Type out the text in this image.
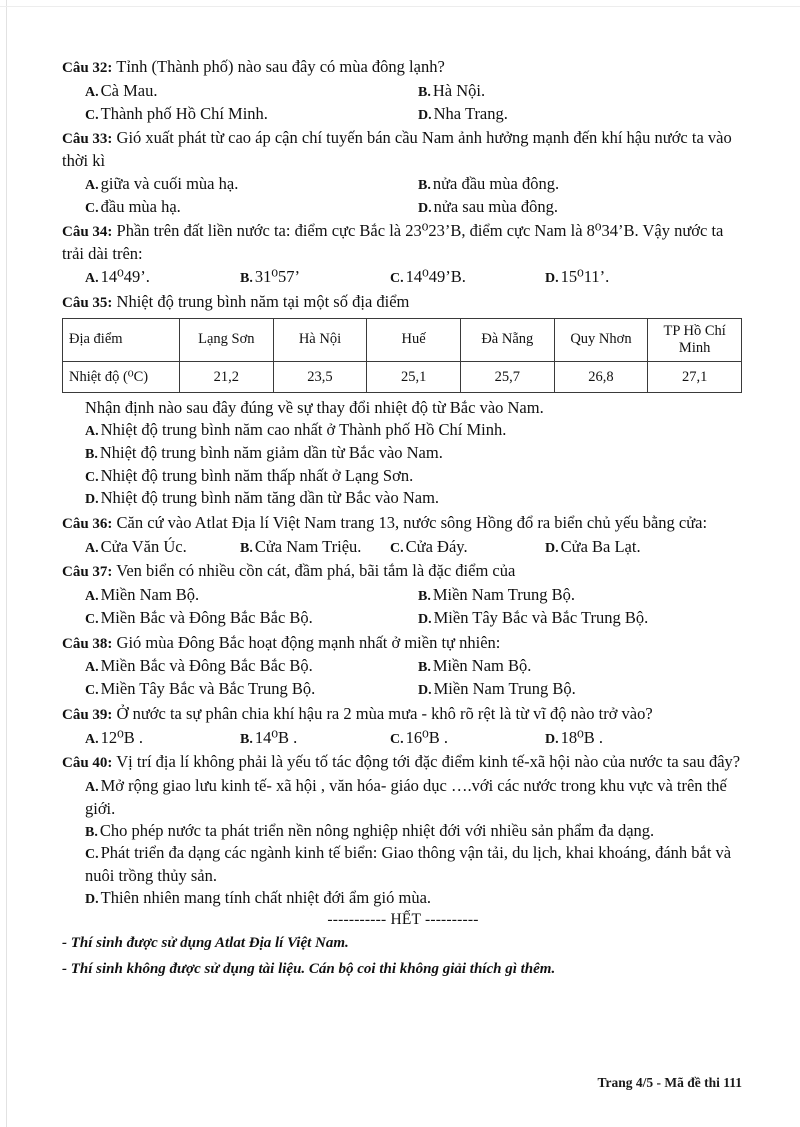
Câu 32: Tỉnh (Thành phố) nào sau đây có mùa đông lạnh?

A. Cà Mau.	B. Hà Nội.
C. Thành phố Hồ Chí Minh.	D. Nha Trang.

Câu 33: Gió xuất phát từ cao áp cận chí tuyến bán cầu Nam ảnh hưởng mạnh đến khí hậu nước ta vào thời kì

A. giữa và cuối mùa hạ.	B. nửa đầu mùa đông.
C. đầu mùa hạ.	D. nửa sau mùa đông.

Câu 34: Phần trên đất liền nước ta: điểm cực Bắc là 23⁰23’B, điểm cực Nam là 8⁰34’B. Vậy nước ta trải dài trên:

A. 14⁰49’.	B. 31⁰57’	C. 14⁰49’B.	D. 15⁰11’.

Câu 35: Nhiệt độ trung bình năm tại một số địa điểm

Địa điểm	Lạng Sơn	Hà Nội	Huế	Đà Nẵng	Quy Nhơn	TP Hồ Chí Minh
Nhiệt độ (⁰C)	21,2	23,5	25,1	25,7	26,8	27,1

Nhận định nào sau đây đúng về sự thay đổi nhiệt độ từ Bắc vào Nam.

A. Nhiệt độ trung bình năm cao nhất ở Thành phố Hồ Chí Minh.
B. Nhiệt độ trung bình năm giảm dần từ Bắc vào Nam.
C. Nhiệt độ trung bình năm thấp nhất ở Lạng Sơn.
D. Nhiệt độ trung bình năm tăng dần từ Bắc vào Nam.

Câu 36: Căn cứ vào Atlat Địa lí Việt Nam trang 13, nước sông Hồng đổ ra biển chủ yếu bằng cửa:

A. Cửa Văn Úc.	B. Cửa Nam Triệu.	C. Cửa Đáy.	D. Cửa Ba Lạt.

Câu 37: Ven biển có nhiều cồn cát, đầm phá, bãi tắm là đặc điểm của

A. Miền Nam Bộ.	B. Miền Nam Trung Bộ.
C. Miền Bắc và Đông Bắc Bắc Bộ.	D. Miền Tây Bắc và Bắc Trung Bộ.

Câu 38: Gió mùa Đông Bắc hoạt động mạnh nhất ở miền tự nhiên:

A. Miền Bắc và Đông Bắc Bắc Bộ.	B. Miền Nam Bộ.
C. Miền Tây Bắc và Bắc Trung Bộ.	D. Miền Nam Trung Bộ.

Câu 39: Ở nước ta sự phân chia khí hậu ra 2 mùa mưa - khô rõ rệt là từ vĩ độ nào trở vào?

A. 12⁰B .	B. 14⁰B .	C. 16⁰B .	D. 18⁰B .

Câu 40: Vị trí địa lí không phải là yếu tố tác động tới đặc điểm kinh tế-xã hội nào của nước ta sau đây?

A. Mở rộng giao lưu kinh tế- xã hội , văn hóa- giáo dục ….với các nước trong khu vực và trên thế giới.
B. Cho phép nước ta phát triển nền nông nghiệp nhiệt đới với nhiều sản phẩm đa dạng.
C. Phát triển đa dạng các ngành kinh tế biển: Giao thông vận tải, du lịch, khai khoáng, đánh bắt và nuôi trồng thủy sản.
D. Thiên nhiên mang tính chất nhiệt đới ẩm gió mùa.
----------- HẾT ----------

- Thí sinh được sử dụng Atlat Địa lí Việt Nam.

- Thí sinh không được sử dụng tài liệu. Cán bộ coi thi không giải thích gì thêm.

Trang 4/5 - Mã đề thi 111
